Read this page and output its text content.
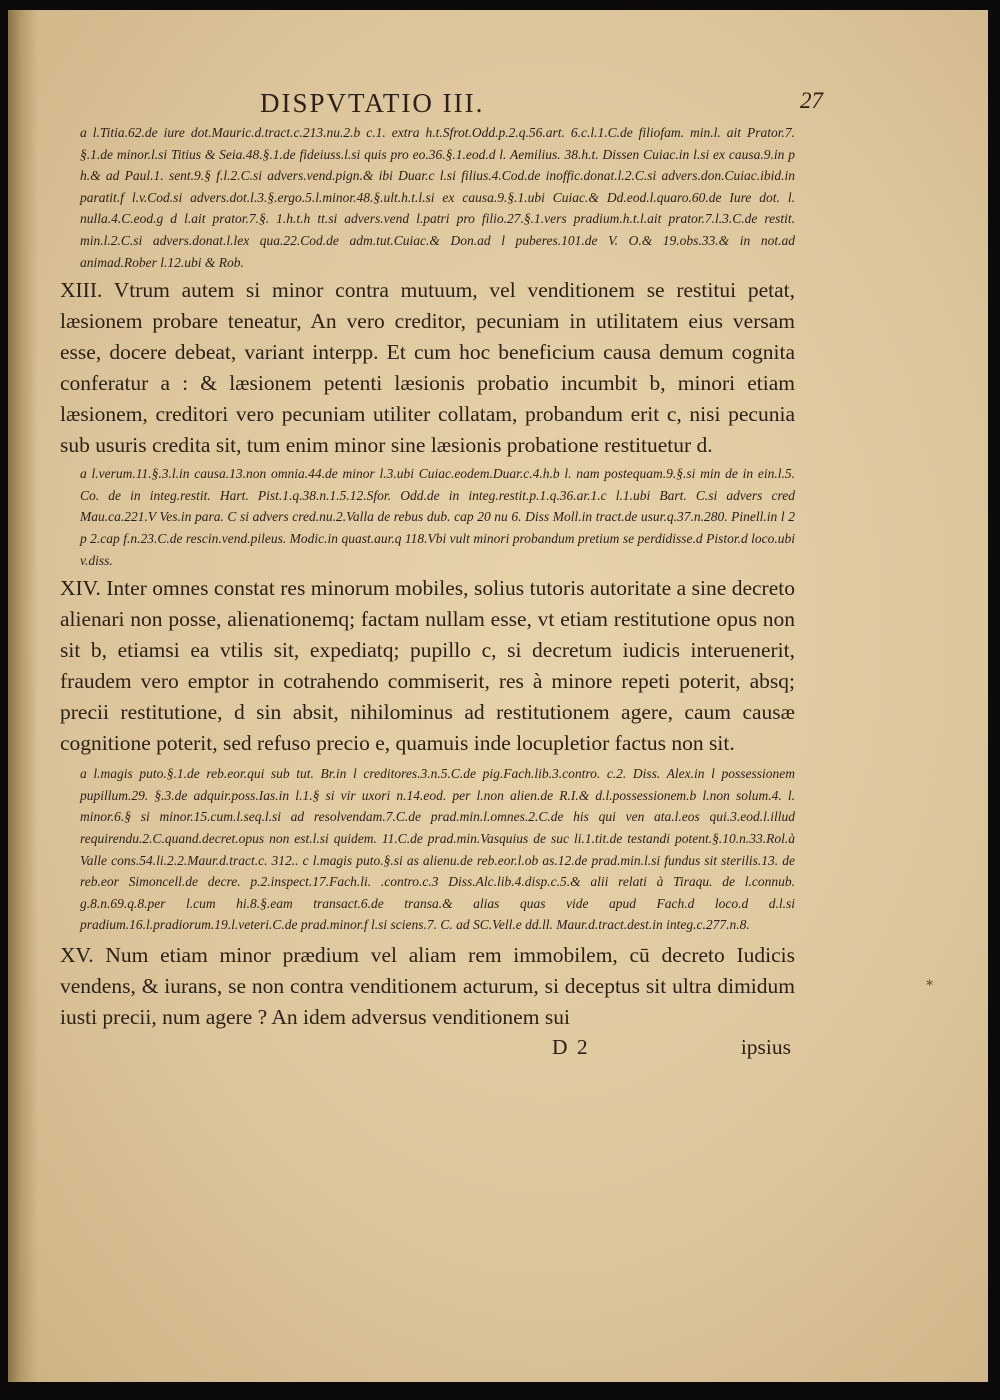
DISPVTATIO III.	27

a l.Titia.62.de iure dot.Mauric.d.tract.c.213.nu.2.b c.1. extra h.t.Sfrot.Odd.p.2.q.56.art. 6.c.l.1.C.de filiofam. min.l. ait Prator.7. §.1.de minor.l.si Titius & Seia.48.§.1.de fideiuss.l.si quis pro eo.36.§.1.eod.d l. Aemilius. 38.h.t. Dissen Cuiac.in l.si ex causa.9.in p h.& ad Paul.1. sent.9.§ f.l.2.C.si advers.vend.pign.& ibi Duar.c l.si filius.4.Cod.de inoffic.donat.l.2.C.si advers.don.Cuiac.ibid.in paratit.f l.v.Cod.si advers.dot.l.3.§.ergo.5.l.minor.48.§.ult.h.t.l.si ex causa.9.§.1.ubi Cuiac.& Dd.eod.l.quaro.60.de Iure dot. l. nulla.4.C.eod.g d l.ait prator.7.§. 1.h.t.h tt.si advers.vend l.patri pro filio.27.§.1.vers pradium.h.t.l.ait prator.7.l.3.C.de restit. min.l.2.C.si advers.donat.l.lex qua.22.Cod.de adm.tut.Cuiac.& Don.ad l puberes.101.de V. O.& 19.obs.33.& in not.ad animad.Rober l.12.ubi & Rob.

XIII. Vtrum autem si minor contra mutuum, vel venditionem se restitui petat, læsionem probare teneatur, An vero creditor, pecuniam in utilitatem eius versam esse, docere debeat, variant interpp. Et cum hoc beneficium causa demum cognita conferatur a : & læsionem petenti læsionis probatio incumbit b, minori etiam læsionem, creditori vero pecuniam utiliter collatam, probandum erit c, nisi pecunia sub usuris credita sit, tum enim minor sine læsionis probatione restituetur d.

a l.verum.11.§.3.l.in causa.13.non omnia.44.de minor l.3.ubi Cuiac.eodem.Duar.c.4.h.b l. nam postequam.9.§.si min de in ein.l.5. Co. de in integ.restit. Hart. Pist.1.q.38.n.1.5.12.Sfor. Odd.de in integ.restit.p.1.q.36.ar.1.c l.1.ubi Bart. C.si advers cred Mau.ca.221.V Ves.in para. C si advers cred.nu.2.Valla de rebus dub. cap 20 nu 6. Diss Moll.in tract.de usur.q.37.n.280. Pinell.in l 2 p 2.cap f.n.23.C.de rescin.vend.pileus. Modic.in quast.aur.q 118.Vbi vult minori probandum pretium se perdidisse.d Pistor.d loco.ubi v.diss.

XIV. Inter omnes constat res minorum mobiles, solius tutoris autoritate a sine decreto alienari non posse, alienationemq; factam nullam esse, vt etiam restitutione opus non sit b, etiamsi ea vtilis sit, expediatq; pupillo c, si decretum iudicis interuenerit, fraudem vero emptor in cotrahendo commiserit, res à minore repeti poterit, absq; precii restitutione, d sin absit, nihilominus ad restitutionem agere, caum causæ cognitione poterit, sed refuso precio e, quamuis inde locupletior factus non sit.

a l.magis puto.§.1.de reb.eor.qui sub tut. Br.in l creditores.3.n.5.C.de pig.Fach.lib.3.contro. c.2. Diss. Alex.in l possessionem pupillum.29. §.3.de adquir.poss.Ias.in l.1.§ si vir uxori n.14.eod. per l.non alien.de R.I.& d.l.possessionem.b l.non solum.4. l. minor.6.§ si minor.15.cum.l.seq.l.si ad resolvendam.7.C.de prad.min.l.omnes.2.C.de his qui ven ata.l.eos qui.3.eod.l.illud requirendu.2.C.quand.decret.opus non est.l.si quidem. 11.C.de prad.min.Vasquius de suc li.1.tit.de testandi potent.§.10.n.33.Rol.à Valle cons.54.li.2.2.Maur.d.tract.c. 312.. c l.magis puto.§.si as alienu.de reb.eor.l.ob as.12.de prad.min.l.si fundus sit sterilis.13. de reb.eor Simoncell.de decre. p.2.inspect.17.Fach.li. .contro.c.3 Diss.Alc.lib.4.disp.c.5.& alii relati à Tiraqu. de l.connub. g.8.n.69.q.8.per l.cum hi.8.§.eam transact.6.de transa.& alias quas vide apud Fach.d loco.d d.l.si pradium.16.l.pradiorum.19.l.veteri.C.de prad.minor.f l.si sciens.7. C. ad SC.Vell.e dd.ll. Maur.d.tract.dest.in integ.c.277.n.8.

XV. Num etiam minor prædium vel aliam rem immobilem, cū decreto Iudicis vendens, & iurans, se non contra venditionem acturum, si deceptus sit ultra dimidum iusti precii, num agere ? An idem adversus venditionem sui

D 2	ipsius
*
